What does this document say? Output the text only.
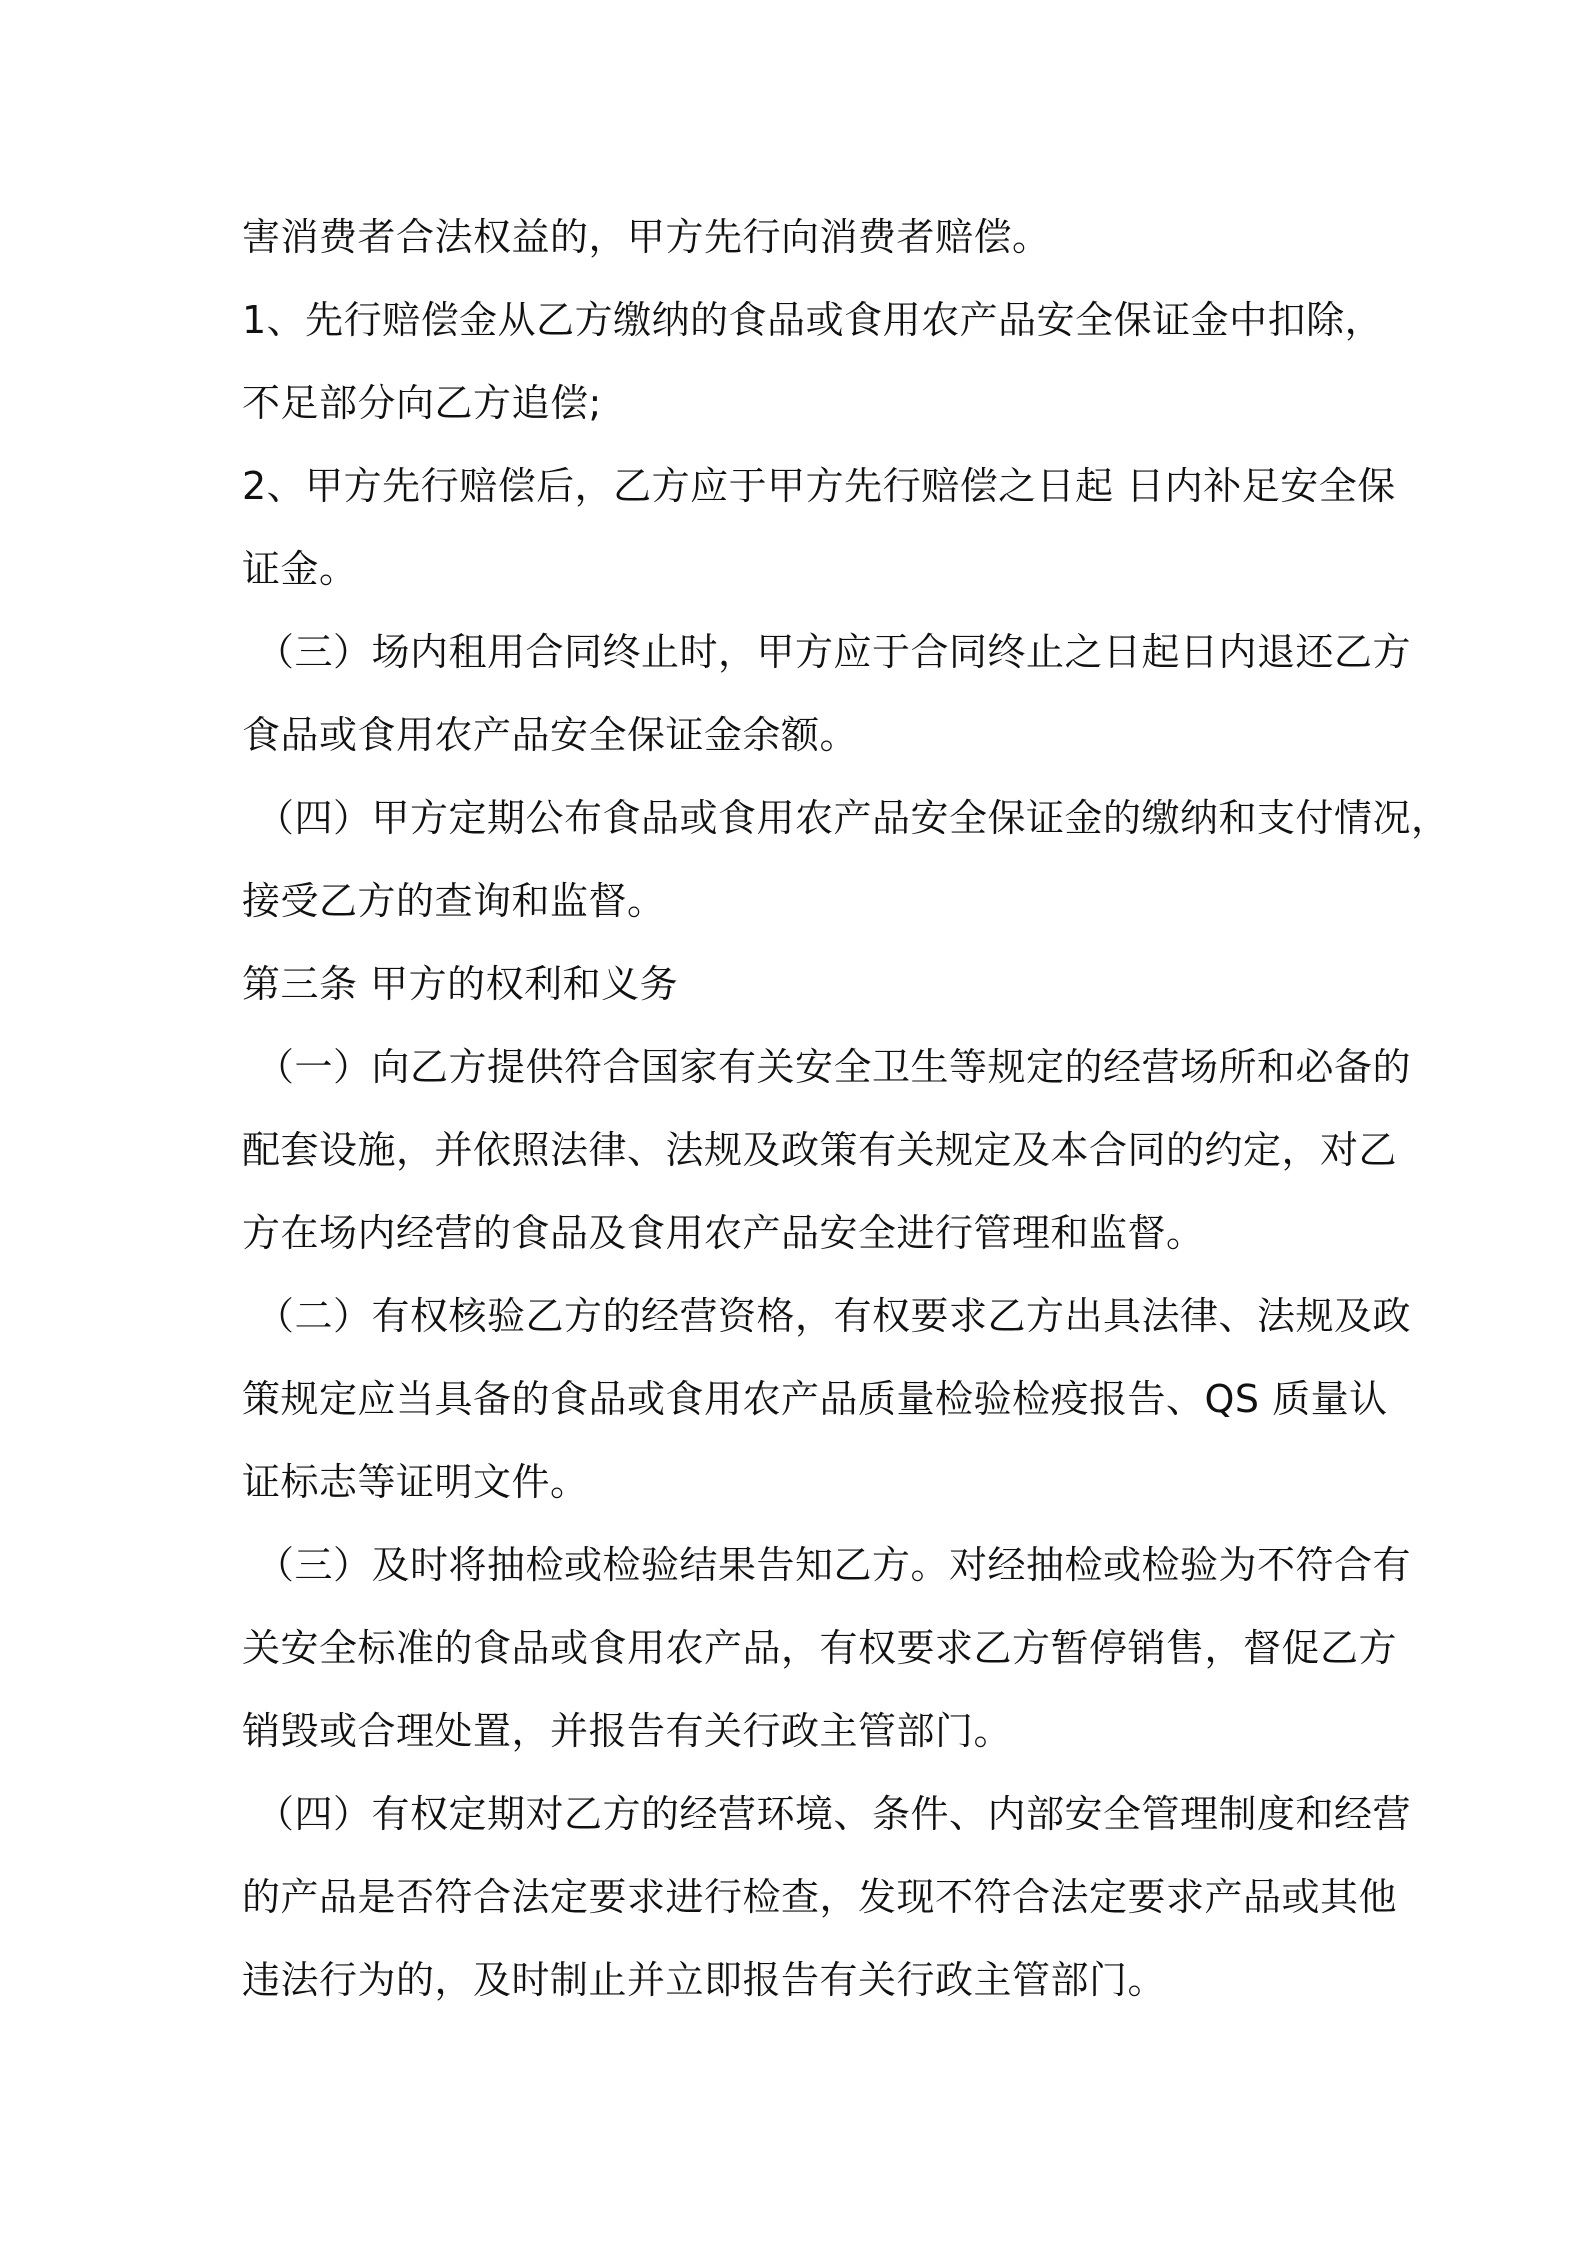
害消费者合法权益的，甲方先行向消费者赔偿。
1、先行赔偿金从乙方缴纳的食品或食用农产品安全保证金中扣除，
不足部分向乙方追偿;
2、甲方先行赔偿后，乙方应于甲方先行赔偿之日起 日内补足安全保
证金。
（三）场内租用合同终止时，甲方应于合同终止之日起日内退还乙方
食品或食用农产品安全保证金余额。
（四）甲方定期公布食品或食用农产品安全保证金的缴纳和支付情况，
接受乙方的查询和监督。
第三条 甲方的权利和义务
（一）向乙方提供符合国家有关安全卫生等规定的经营场所和必备的
配套设施，并依照法律、法规及政策有关规定及本合同的约定，对乙
方在场内经营的食品及食用农产品安全进行管理和监督。
（二）有权核验乙方的经营资格，有权要求乙方出具法律、法规及政
策规定应当具备的食品或食用农产品质量检验检疫报告、QS 质量认
证标志等证明文件。
（三）及时将抽检或检验结果告知乙方。对经抽检或检验为不符合有
关安全标准的食品或食用农产品，有权要求乙方暂停销售，督促乙方
销毁或合理处置，并报告有关行政主管部门。
（四）有权定期对乙方的经营环境、条件、内部安全管理制度和经营
的产品是否符合法定要求进行检查，发现不符合法定要求产品或其他
违法行为的，及时制止并立即报告有关行政主管部门。
